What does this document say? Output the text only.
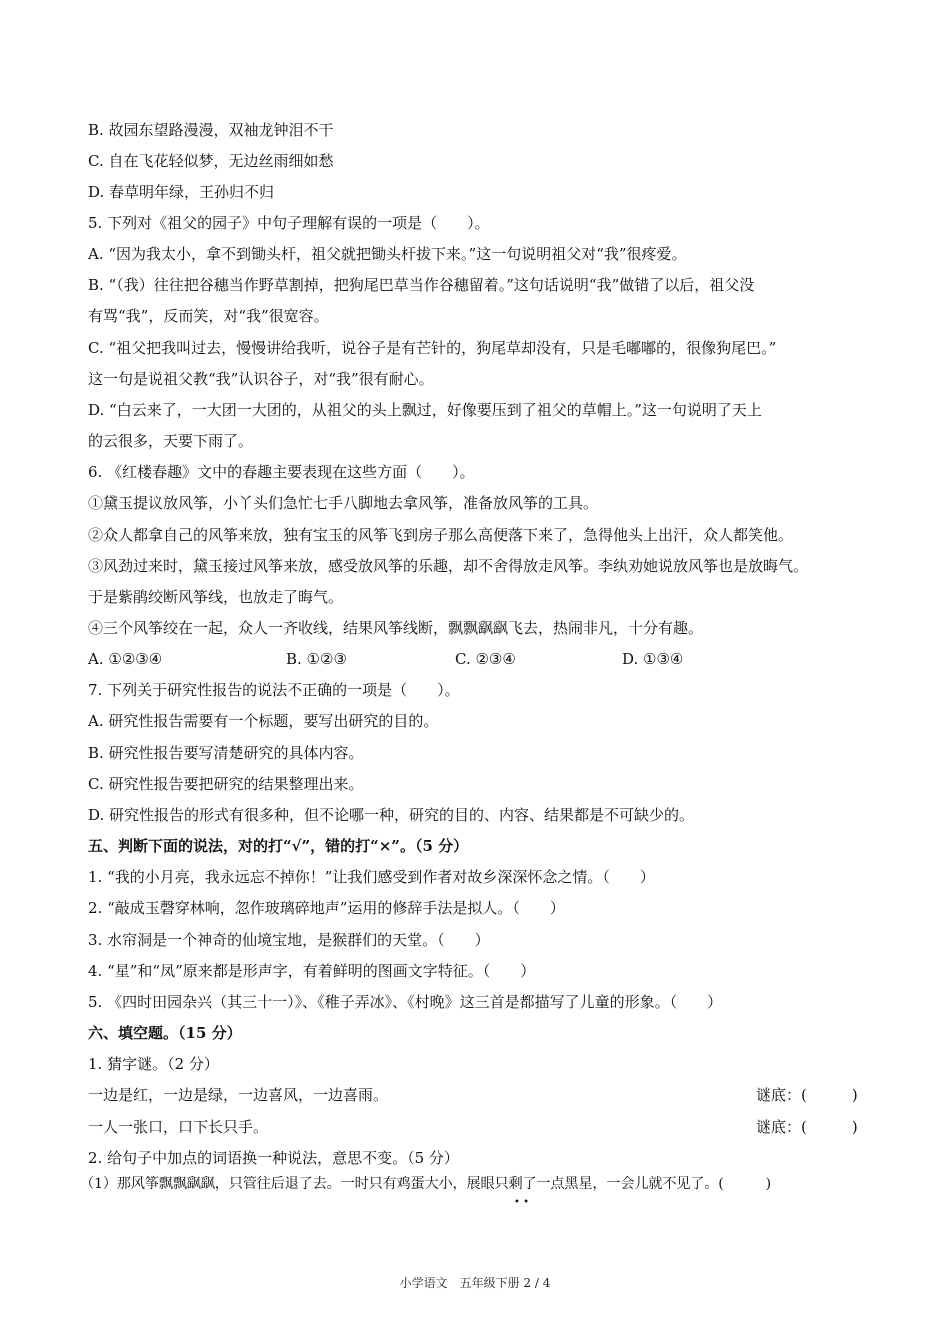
B. 故园东望路漫漫，双袖龙钟泪不干
C. 自在飞花轻似梦，无边丝雨细如愁
D. 春草明年绿，王孙归不归
5. 下列对《祖父的园子》中句子理解有误的一项是（　　）。
A. “因为我太小，拿不到锄头杆，祖父就把锄头杆拔下来。”这一句说明祖父对“我”很疼爱。
B. “（我）往往把谷穗当作野草割掉，把狗尾巴草当作谷穗留着。”这句话说明“我”做错了以后，祖父没
有骂“我”，反而笑，对“我”很宽容。
C. “祖父把我叫过去，慢慢讲给我听，说谷子是有芒针的，狗尾草却没有，只是毛嘟嘟的，很像狗尾巴。”
这一句是说祖父教“我”认识谷子，对“我”很有耐心。
D. “白云来了，一大团一大团的，从祖父的头上飘过，好像要压到了祖父的草帽上。”这一句说明了天上
的云很多，天要下雨了。
6. 《红楼春趣》文中的春趣主要表现在这些方面（　　）。
①黛玉提议放风筝，小丫头们急忙七手八脚地去拿风筝，准备放风筝的工具。
②众人都拿自己的风筝来放，独有宝玉的风筝飞到房子那么高便落下来了，急得他头上出汗，众人都笑他。
③风劲过来时，黛玉接过风筝来放，感受放风筝的乐趣，却不舍得放走风筝。李纨劝她说放风筝也是放晦气。
于是紫鹃绞断风筝线，也放走了晦气。
④三个风筝绞在一起，众人一齐收线，结果风筝线断，飘飘飖飖飞去，热闹非凡，十分有趣。
A. ①②③④	B. ①②③	C. ②③④	D. ①③④
7. 下列关于研究性报告的说法不正确的一项是（　　）。
A. 研究性报告需要有一个标题，要写出研究的目的。
B. 研究性报告要写清楚研究的具体内容。
C. 研究性报告要把研究的结果整理出来。
D. 研究性报告的形式有很多种，但不论哪一种，研究的目的、内容、结果都是不可缺少的。
五、判断下面的说法，对的打“√”，错的打“×”。（5 分）
1. “我的小月亮，我永远忘不掉你！”让我们感受到作者对故乡深深怀念之情。（　　）
2. “敲成玉磬穿林响，忽作玻璃碎地声”运用的修辞手法是拟人。（　　）
3. 水帘洞是一个神奇的仙境宝地，是猴群们的天堂。（　　）
4. “星”和“凤”原来都是形声字，有着鲜明的图画文字特征。（　　）
5. 《四时田园杂兴（其三十一）》、《稚子弄冰》、《村晚》这三首是都描写了儿童的形象。（　　）
六、填空题。（15 分）
1. 猜字谜。（2 分）
一边是红，一边是绿，一边喜风，一边喜雨。	谜底：(　　　)
一人一张口，口下长只手。	谜底：(　　　)
2. 给句子中加点的词语换一种说法，意思不变。（5 分）
（1）那风筝飘飘飖飖，只管往后退了去。一时只有鸡蛋大小，展眼只剩了一点黑星，一会儿就不见了。(　　　)
• •
小学语文　五年级下册 2 / 4
